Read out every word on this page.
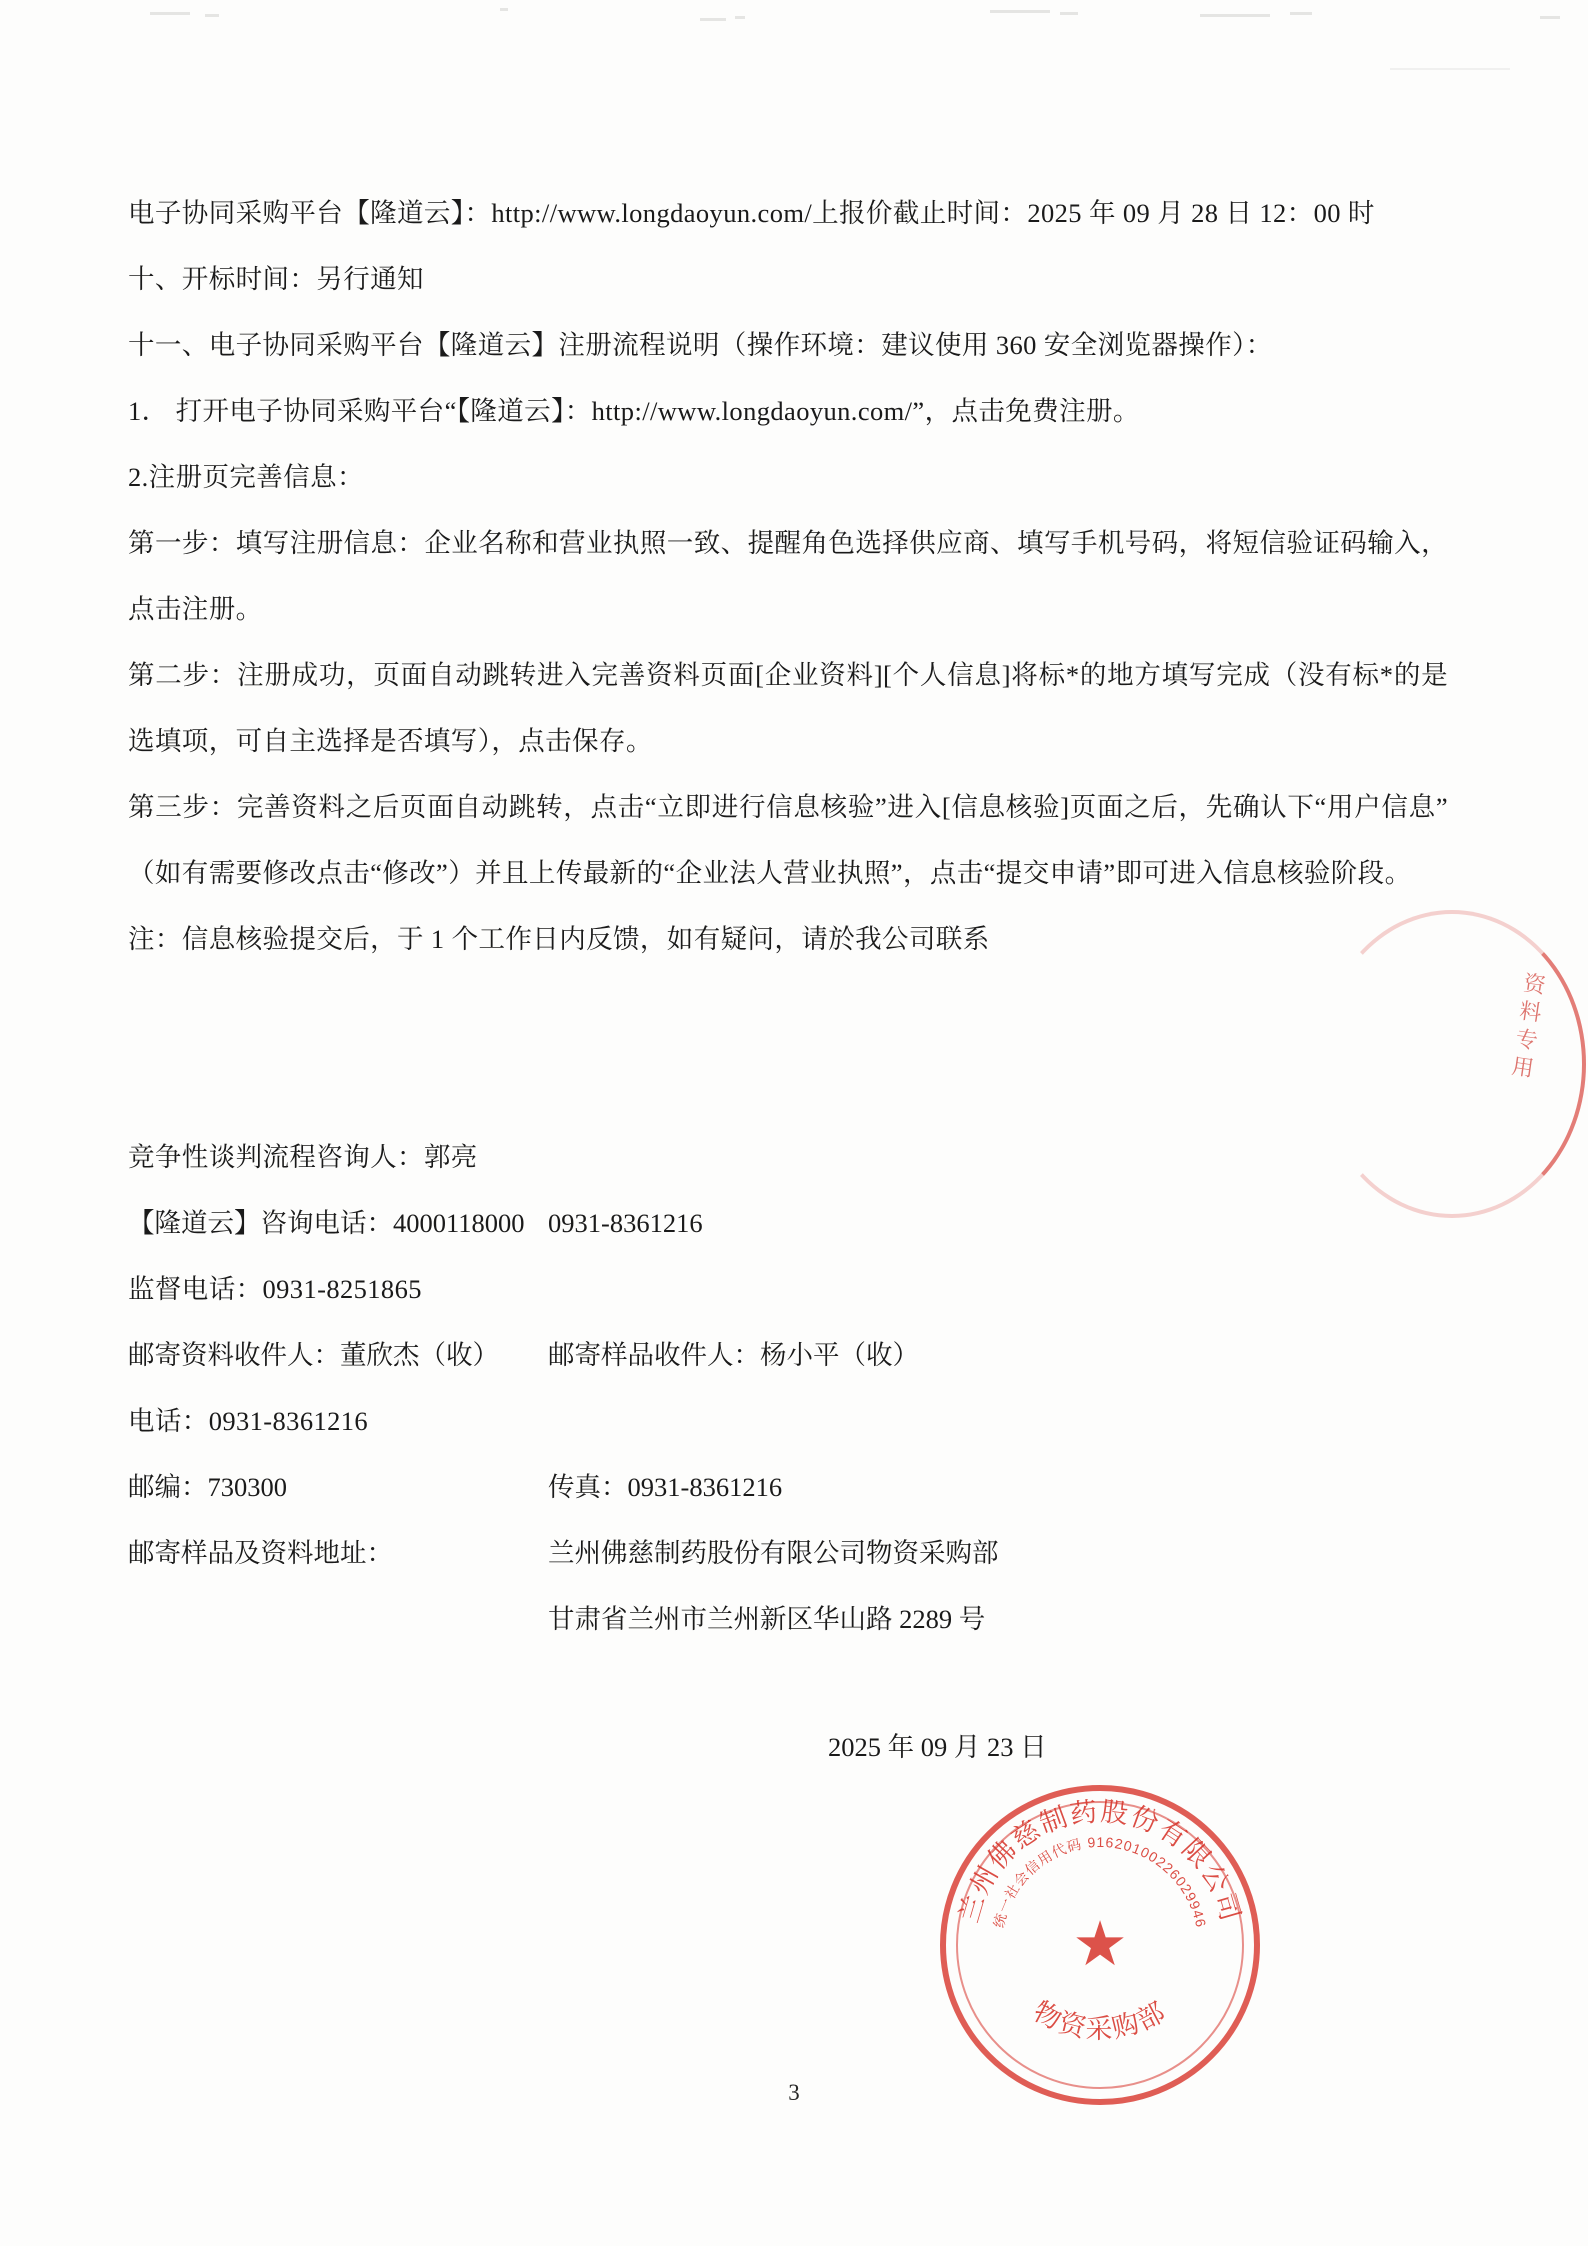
电子协同采购平台【隆道云】：http://www.longdaoyun.com/上报价截止时间：2025 年 09 月 28 日 12：00 时

十、开标时间：另行通知

十一、电子协同采购平台【隆道云】注册流程说明（操作环境：建议使用 360 安全浏览器操作）：

1． 打开电子协同采购平台“【隆道云】：http://www.longdaoyun.com/”，点击免费注册。

2.注册页完善信息：

第一步：填写注册信息：企业名称和营业执照一致、提醒角色选择供应商、填写手机号码，将短信验证码输入，点击注册。

第二步：注册成功，页面自动跳转进入完善资料页面[企业资料][个人信息]将标*的地方填写完成（没有标*的是选填项，可自主选择是否填写），点击保存。

第三步：完善资料之后页面自动跳转，点击“立即进行信息核验”进入[信息核验]页面之后，先确认下“用户信息”（如有需要修改点击“修改”）并且上传最新的“企业法人营业执照”，点击“提交申请”即可进入信息核验阶段。

注：信息核验提交后，于 1 个工作日内反馈，如有疑问，请於我公司联系

竞争性谈判流程咨询人：郭亮

【隆道云】咨询电话：4000118000 0931-8361216

监督电话：0931-8251865

邮寄资料收件人：董欣杰（收）	邮寄样品收件人：杨小平（收）

电话：0931-8361216

邮编：730300	传真：0931-8361216
邮寄样品及资料地址：	兰州佛慈制药股份有限公司物资采购部
甘肃省兰州市兰州新区华山路 2289 号
2025 年 09 月 23 日
资料专用
★
兰州佛慈制药股份有限公司
物资采购部
统一社会信用代码 91620100226029946
3
